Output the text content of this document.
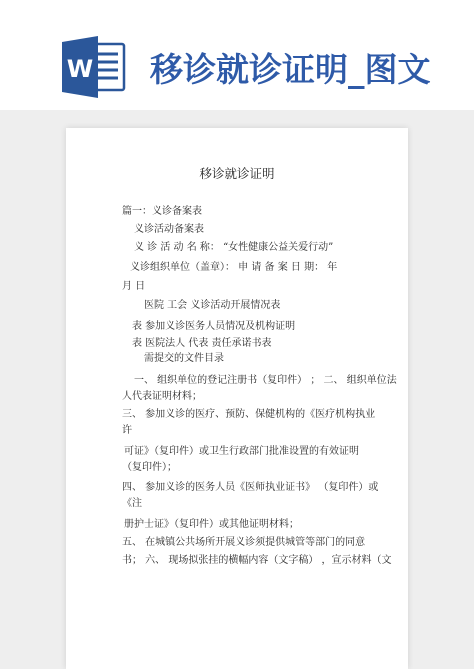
W 移诊就诊证明_图文
移诊就诊证明
篇一：义诊备案表
义诊活动备案表
义 诊 活 动 名 称： “女性健康公益关爱行动”
义诊组织单位（盖章）： 申 请 备 案 日 期： 年
月 日
医院 工会 义诊活动开展情况表
表 参加义诊医务人员情况及机构证明
表 医院法人 代表 责任承诺书表
需提交的文件目录
一、 组织单位的登记注册书（复印件） ； 二、 组织单位法
人代表证明材料；
三、 参加义诊的医疗、预防、保健机构的《医疗机构执业
许
可证》（复印件）或卫生行政部门批准设置的有效证明
（复印件）；
四、 参加义诊的医务人员《医师执业证书》 （复印件）或
《注
册护士证》（复印件）或其他证明材料；
五、 在城镇公共场所开展义诊须提供城管等部门的同意
书； 六、 现场拟张挂的横幅内容（文字稿） ，宣示材料（文
